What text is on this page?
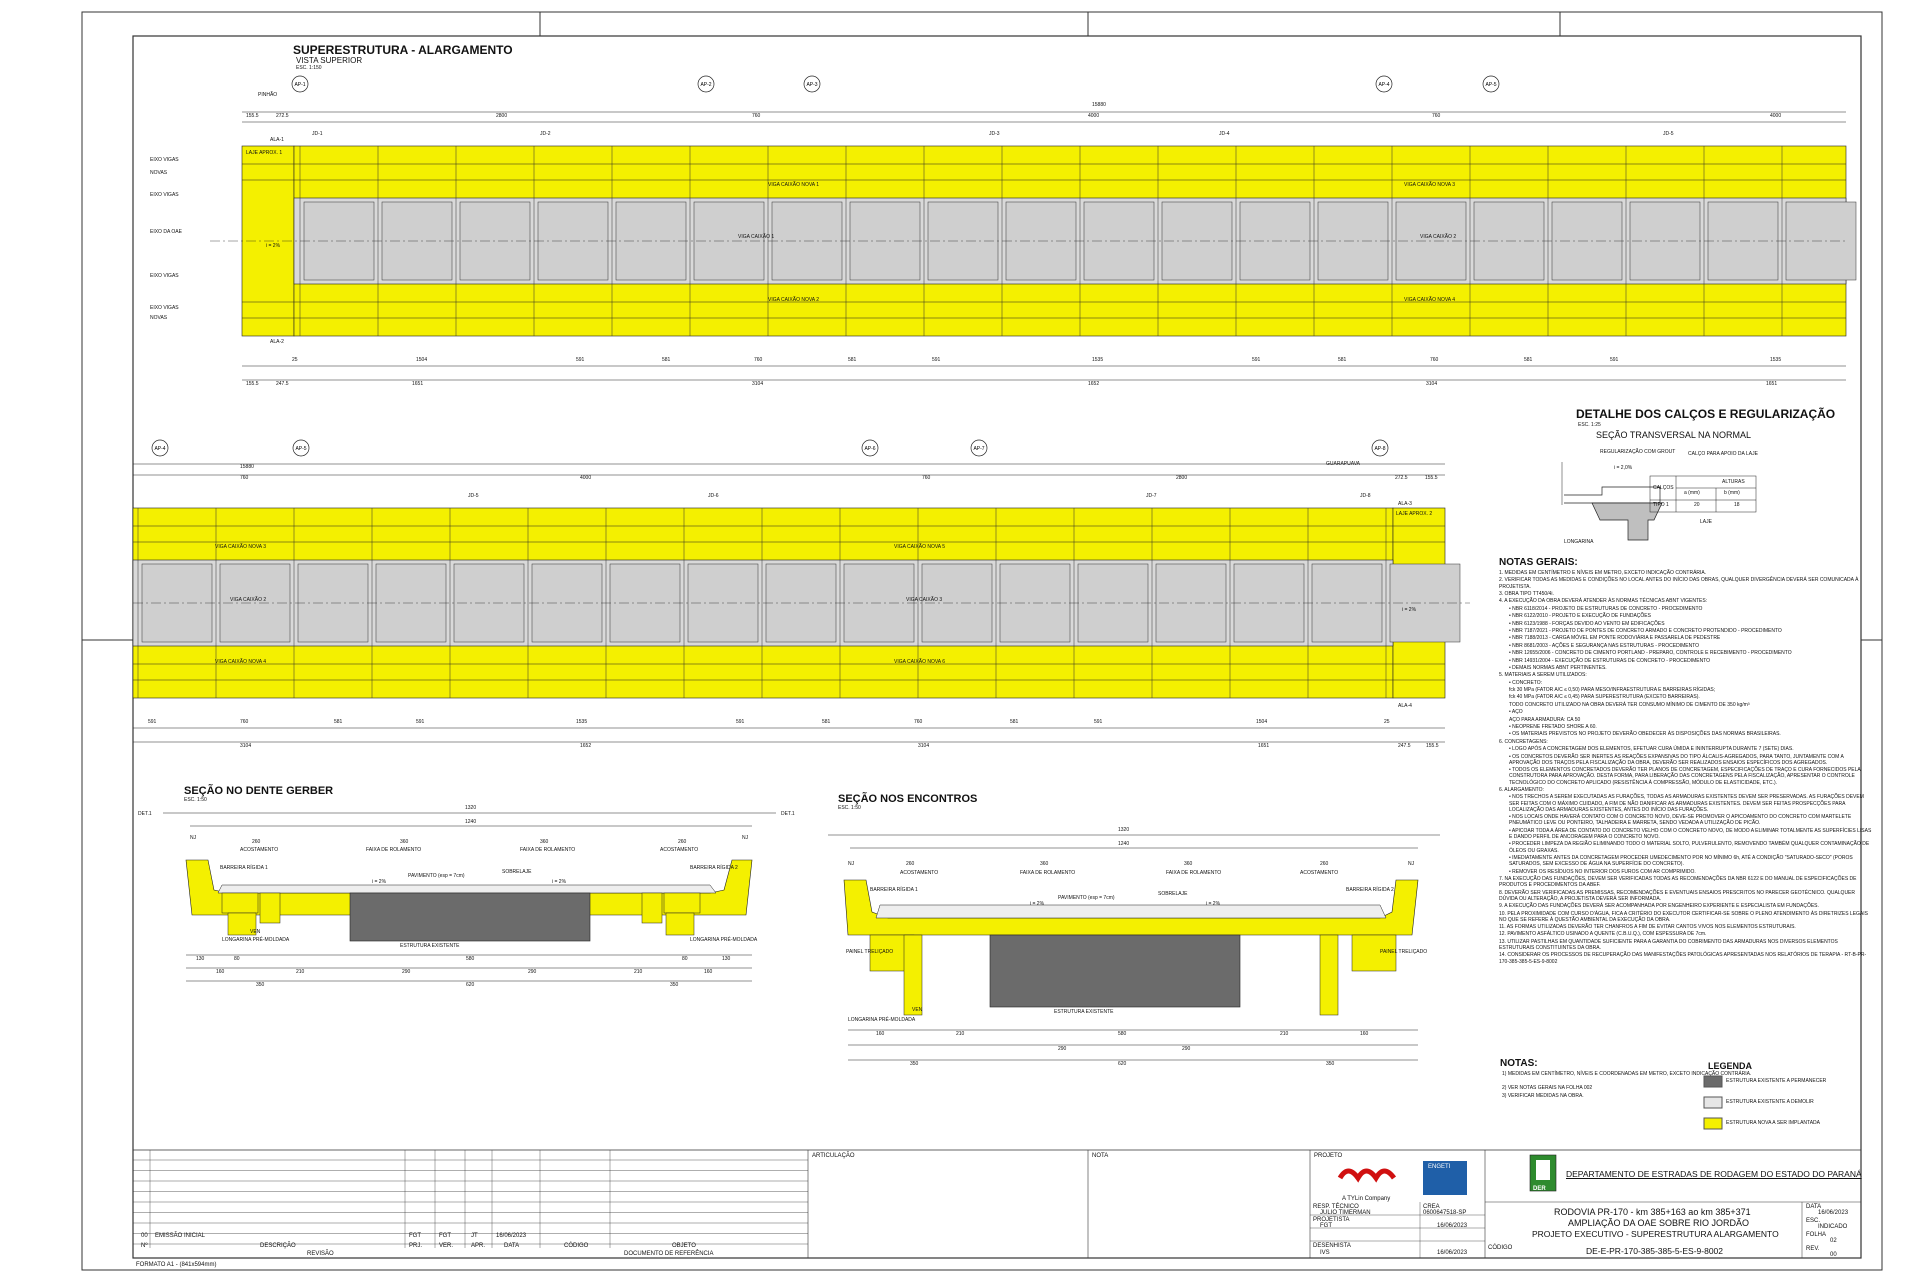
AP-1	AP-2	AP-3	AP-4	AP-5
AP-4	AP-5	AP-6	AP-7	AP-8
SUPERESTRUTURA - ALARGAMENTO
VISTA SUPERIOR
ESC. 1:150
PINHÃO
GUARAPUAVA
15880
15880
EIXO VIGAS
NOVAS
EIXO VIGAS
EIXO DA OAE
EIXO VIGAS
EIXO VIGAS
NOVAS
LAJE APROX. 1
LAJE APROX. 2
ALA-1
ALA-2
ALA-3
ALA-4
i = 2%
i = 2%
VIGA CAIXÃO NOVA 1
VIGA CAIXÃO 1
VIGA CAIXÃO NOVA 2
VIGA CAIXÃO NOVA 3
VIGA CAIXÃO 2
VIGA CAIXÃO NOVA 4
VIGA CAIXÃO NOVA 3
VIGA CAIXÃO 2
VIGA CAIXÃO NOVA 4
VIGA CAIXÃO NOVA 5
VIGA CAIXÃO 3
VIGA CAIXÃO NOVA 6
JD-1	JD-2	JD-3	JD-4	JD-5
JD-5	JD-6	JD-7	JD-8
155.5	272.5	2800	760	4000	760	4000
25	1504	591	581	760	581	591	1535	591	581	760	581	591	1535
155.5	247.5	1651	3104	1652	3104	1651
760	4000	760	2800	272.5	155.5
591	760	581	591	1535	591	581	760	581	591	1504	25
3104	1652	3104	1651	247.5	155.5
DETALHE DOS CALÇOS E REGULARIZAÇÃO
ESC. 1:25
SEÇÃO TRANSVERSAL NA NORMAL
REGULARIZAÇÃO COM GROUT	CALÇO PARA APOIO DA LAJE
LONGARINA
LAJE
i = 2,0%
ALTURAS
CALÇOS
a (mm)	b (mm)
TIPO 1	20	18
NOTAS GERAIS:
1. MEDIDAS EM CENTÍMETRO E NÍVEIS EM METRO, EXCETO INDICAÇÃO CONTRÁRIA.
2. VERIFICAR TODAS AS MEDIDAS E CONDIÇÕES NO LOCAL ANTES DO INÍCIO DAS OBRAS, QUALQUER DIVERGÊNCIA DEVERÁ SER COMUNICADA À PROJETISTA.
3. OBRA TIPO TT450/4i.
4. A EXECUÇÃO DA OBRA DEVERÁ ATENDER ÀS NORMAS TÉCNICAS ABNT VIGENTES:
• NBR 6118/2014 - PROJETO DE ESTRUTURAS DE CONCRETO - PROCEDIMENTO
• NBR 6122/2010 - PROJETO E EXECUÇÃO DE FUNDAÇÕES
• NBR 6123/1988 - FORÇAS DEVIDO AO VENTO EM EDIFICAÇÕES
• NBR 7187/2021 - PROJETO DE PONTES DE CONCRETO ARMADO E CONCRETO PROTENDIDO - PROCEDIMENTO
• NBR 7188/2013 - CARGA MÓVEL EM PONTE RODOVIÁRIA E PASSARELA DE PEDESTRE
• NBR 8681/2003 - AÇÕES E SEGURANÇA NAS ESTRUTURAS - PROCEDIMENTO
• NBR 12655/2006 - CONCRETO DE CIMENTO PORTLAND - PREPARO, CONTROLE E RECEBIMENTO - PROCEDIMENTO
• NBR 14931/2004 - EXECUÇÃO DE ESTRUTURAS DE CONCRETO - PROCEDIMENTO
• DEMAIS NORMAS ABNT PERTINENTES.
5. MATERIAIS A SEREM UTILIZADOS:
• CONCRETO:
fck 30 MPa (FATOR A/C ≤ 0,50) PARA MESO/INFRAESTRUTURA E BARREIRAS RÍGIDAS;
fck 40 MPa (FATOR A/C ≤ 0,45) PARA SUPERESTRUTURA (EXCETO BARREIRAS).
TODO CONCRETO UTILIZADO NA OBRA DEVERÁ TER CONSUMO MÍNIMO DE CIMENTO DE 350 kg/m³
• AÇO
AÇO PARA ARMADURA: CA 50
• NEOPRENE FRETADO SHORE A 60.
• OS MATERIAIS PREVISTOS NO PROJETO DEVERÃO OBEDECER ÀS DISPOSIÇÕES DAS NORMAS BRASILEIRAS.
6. CONCRETAGENS:
• LOGO APÓS A CONCRETAGEM DOS ELEMENTOS, EFETUAR CURA ÚMIDA E ININTERRUPTA DURANTE 7 (SETE) DIAS.
• OS CONCRETOS DEVERÃO SER INERTES AS REAÇÕES EXPANSIVAS DO TIPO ÁLCALIS-AGREGADOS, PARA TANTO, JUNTAMENTE COM A APROVAÇÃO DOS TRAÇOS PELA FISCALIZAÇÃO DA OBRA, DEVERÃO SER REALIZADOS ENSAIOS ESPECÍFICOS DOS AGREGADOS.
• TODOS OS ELEMENTOS CONCRETADOS DEVERÃO TER PLANOS DE CONCRETAGEM, ESPECIFICAÇÕES DE TRAÇO E CURA FORNECIDOS PELA CONSTRUTORA PARA APROVAÇÃO. DESTA FORMA, PARA LIBERAÇÃO DAS CONCRETAGENS PELA FISCALIZAÇÃO, APRESENTAR O CONTROLE TECNOLÓGICO DO CONCRETO APLICADO (RESISTÊNCIA À COMPRESSÃO, MÓDULO DE ELASTICIDADE, ETC.).
6. ALARGAMENTO:
• NOS TRECHOS A SEREM EXECUTADAS AS FURAÇÕES, TODAS AS ARMADURAS EXISTENTES DEVEM SER PRESERVADAS. AS FURAÇÕES DEVEM SER FEITAS COM O MÁXIMO CUIDADO, A FIM DE NÃO DANIFICAR AS ARMADURAS EXISTENTES. DEVEM SER FEITAS PROSPECÇÕES PARA LOCALIZAÇÃO DAS ARMADURAS EXISTENTES, ANTES DO INÍCIO DAS FURAÇÕES.
• NOS LOCAIS ONDE HAVERÁ CONTATO COM O CONCRETO NOVO, DEVE-SE PROMOVER O APICOAMENTO DO CONCRETO COM MARTELETE PNEUMÁTICO LEVE OU PONTEIRO, TALHADEIRA E MARRETA, SENDO VEDADA A UTILIZAÇÃO DE PICÃO.
• APICOAR TODA A ÁREA DE CONTATO DO CONCRETO VELHO COM O CONCRETO NOVO, DE MODO A ELIMINAR TOTALMENTE AS SUPERFÍCIES LISAS E DANDO PERFIL DE ANCORAGEM PARA O CONCRETO NOVO.
• PROCEDER LIMPEZA DA REGIÃO ELIMINANDO TODO O MATERIAL SOLTO, PULVERULENTO, REMOVENDO TAMBÉM QUALQUER CONTAMINAÇÃO DE ÓLEOS OU GRAXAS.
• IMEDIATAMENTE ANTES DA CONCRETAGEM PROCEDER UMEDECIMENTO POR NO MÍNIMO 6h, ATÉ A CONDIÇÃO "SATURADO-SECO" (POROS SATURADOS, SEM EXCESSO DE ÁGUA NA SUPERFÍCIE DO CONCRETO).
• REMOVER OS RESÍDUOS NO INTERIOR DOS FUROS COM AR COMPRIMIDO.
7. NA EXECUÇÃO DAS FUNDAÇÕES, DEVEM SER VERIFICADAS TODAS AS RECOMENDAÇÕES DA NBR 6122 E DO MANUAL DE ESPECIFICAÇÕES DE PRODUTOS E PROCEDIMENTOS DA ABEF.
8. DEVERÃO SER VERIFICADAS AS PREMISSAS, RECOMENDAÇÕES E EVENTUAIS ENSAIOS PRESCRITOS NO PARECER GEOTÉCNICO. QUALQUER DÚVIDA OU ALTERAÇÃO, A PROJETISTA DEVERÁ SER INFORMADA.
9. A EXECUÇÃO DAS FUNDAÇÕES DEVERÁ SER ACOMPANHADA POR ENGENHEIRO EXPERIENTE E ESPECIALISTA EM FUNDAÇÕES.
10. PELA PROXIMIDADE COM CURSO D'ÁGUA, FICA A CRITÉRIO DO EXECUTOR CERTIFICAR-SE SOBRE O PLENO ATENDIMENTO ÀS DIRETRIZES LEGAIS NO QUE SE REFERE À QUESTÃO AMBIENTAL DA EXECUÇÃO DA OBRA.
11. AS FORMAS UTILIZADAS DEVERÃO TER CHANFROS A FIM DE EVITAR CANTOS VIVOS NOS ELEMENTOS ESTRUTURAIS.
12. PAVIMENTO ASFÁLTICO USINADO A QUENTE (C.B.U.Q.), COM ESPESSURA DE 7cm.
13. UTILIZAR PASTILHAS EM QUANTIDADE SUFICIENTE PARA A GARANTIA DO COBRIMENTO DAS ARMADURAS NOS DIVERSOS ELEMENTOS ESTRUTURAIS CONSTITUINTES DA OBRA.
14. CONSIDERAR OS PROCESSOS DE RECUPERAÇÃO DAS MANIFESTAÇÕES PATOLÓGICAS APRESENTADAS NOS RELATÓRIOS DE TERAPIA - RT-B-PR-170-385-385-5-ES-9-8002
NOTAS:
1) MEDIDAS EM CENTÍMETRO, NÍVEIS E COORDENADAS EM METRO, EXCETO INDICAÇÃO CONTRÁRIA.
2) VER NOTAS GERAIS NA FOLHA 002
3) VERIFICAR MEDIDAS NA OBRA.
LEGENDA
ESTRUTURA EXISTENTE A PERMANECER
ESTRUTURA EXISTENTE A DEMOLIR
ESTRUTURA NOVA A SER IMPLANTADA
SEÇÃO NO DENTE GERBER
ESC. 1:50
DET.1	DET.1
1320
1240
260	360	360	260
ACOSTAMENTO	FAIXA DE ROLAMENTO	FAIXA DE ROLAMENTO	ACOSTAMENTO
BARREIRA RÍGIDA 1	BARREIRA RÍGIDA 2
PAVIMENTO (esp = 7cm)
SOBRELAJE
i = 2%	i = 2%
ESTRUTURA EXISTENTE
LONGARINA PRÉ-MOLDADA	LONGARINA PRÉ-MOLDADA
VEN
130	80
160	210
580
290	290	210	160
80	130
350	620	350
NJ	NJ
SEÇÃO NOS ENCONTROS
ESC. 1:50
1320
1240
260	360	360	260
ACOSTAMENTO	FAIXA DE ROLAMENTO	FAIXA DE ROLAMENTO	ACOSTAMENTO
BARREIRA RÍGIDA 1	BARREIRA RÍGIDA 2
PAVIMENTO (esp = 7cm)
SOBRELAJE
i = 2%	i = 2%
ESTRUTURA EXISTENTE
PAINEL TRELIÇADO	PAINEL TRELIÇADO
LONGARINA PRÉ-MOLDADA
VEN
NJ	NJ
160	210	580
290	290
210	160
350	620	350
00 EMISSÃO INICIAL	FGT	FGT	JT	16/06/2023
Nº	DESCRIÇÃO	PRJ.	VER.	APR.	DATA	CÓDIGO	OBJETO
REVISÃO	DOCUMENTO DE REFERÊNCIA
ARTICULAÇÃO	NOTA	PROJETO
A TYLin Company
ENGETI
RESP. TÉCNICO
JULIO TIMERMAN
CREA
0600647518-SP
PROJETISTA
FGT	16/06/2023
DESENHISTA
IVS	16/06/2023
CÓDIGO
DEPARTAMENTO DE ESTRADAS DE RODAGEM DO ESTADO DO PARANÁ
DER
RODOVIA PR-170 - km 385+163 ao km 385+371
AMPLIAÇÃO DA OAE SOBRE RIO JORDÃO
PROJETO EXECUTIVO - SUPERESTRUTURA ALARGAMENTO
DE-E-PR-170-385-385-5-ES-9-8002
DATA
16/06/2023
ESC.
INDICADO
FOLHA
02
REV.
00
FORMATO A1 - (841x594mm)
